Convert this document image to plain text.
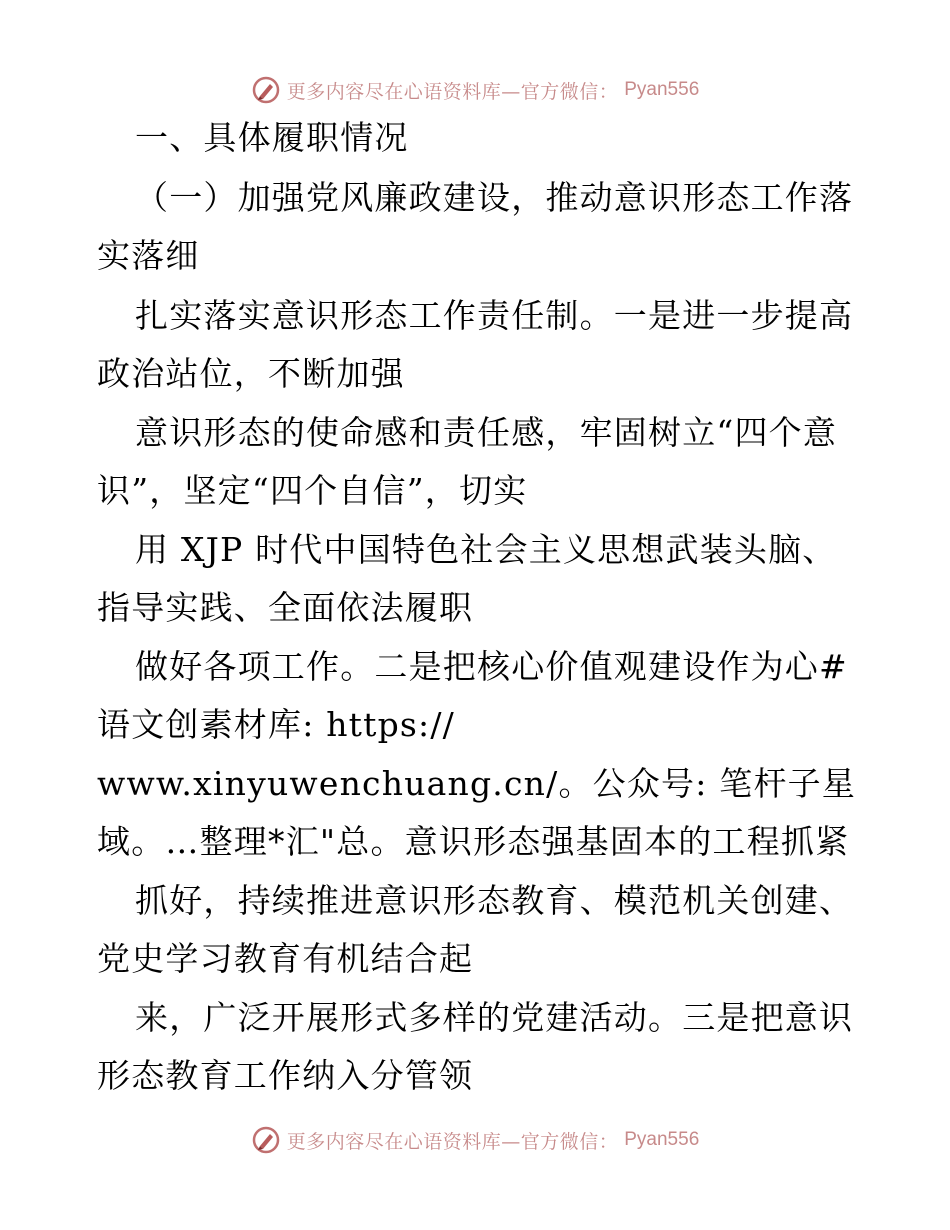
更多内容尽在心语资料库—官方微信： Pyan556
一、具体履职情况
（一）加强党风廉政建设，推动意识形态工作落
实落细
扎实落实意识形态工作责任制。一是进一步提高
政治站位，不断加强
意识形态的使命感和责任感，牢固树立“四个意
识”，坚定“四个自信”，切实
用 XJP 时代中国特色社会主义思想武装头脑、
指导实践、全面依法履职
做好各项工作。二是把核心价值观建设作为心#
语文创素材库: https://
www.xinyuwenchuang.cn/。公众号: 笔杆子星
域。…整理*汇"总。意识形态强基固本的工程抓紧
抓好，持续推进意识形态教育、模范机关创建、
党史学习教育有机结合起
来，广泛开展形式多样的党建活动。三是把意识
形态教育工作纳入分管领
更多内容尽在心语资料库—官方微信： Pyan556
